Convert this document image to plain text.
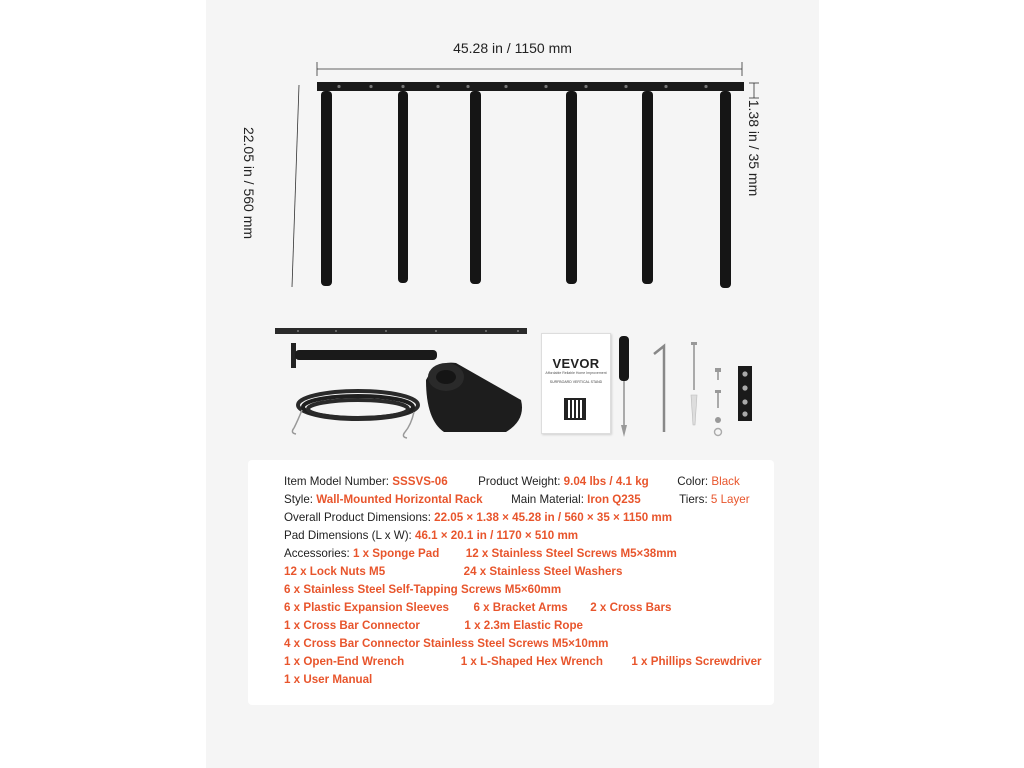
45.28 in / 1150 mm
22.05 in / 560 mm	1.38 in / 35 mm
VEVOR
Affordable Reliable Home Improvement
SURFBOARD VERTICAL STAND
Item Model Number: SSSVS-06	Product Weight: 9.04 lbs / 4.1 kg Color: Black
Style: Wall-Mounted Horizontal Rack Main Material: Iron Q235	Tiers: 5 Layer
Overall Product Dimensions: 22.05 × 1.38 × 45.28 in / 560 × 35 × 1150 mm
Pad Dimensions (L x W): 46.1 × 20.1 in / 1170 × 510 mm
Accessories: 1 x Sponge Pad 12 x Stainless Steel Screws M5×38mm
12 x Lock Nuts M5	24 x Stainless Steel Washers
6 x Stainless Steel Self-Tapping Screws M5×60mm
6 x Plastic Expansion Sleeves 6 x Bracket Arms 2 x Cross Bars
1 x Cross Bar Connector	1 x 2.3m Elastic Rope
4 x Cross Bar Connector Stainless Steel Screws M5×10mm
1 x Open-End Wrench	1 x L-Shaped Hex Wrench 1 x Phillips Screwdriver
1 x User Manual
